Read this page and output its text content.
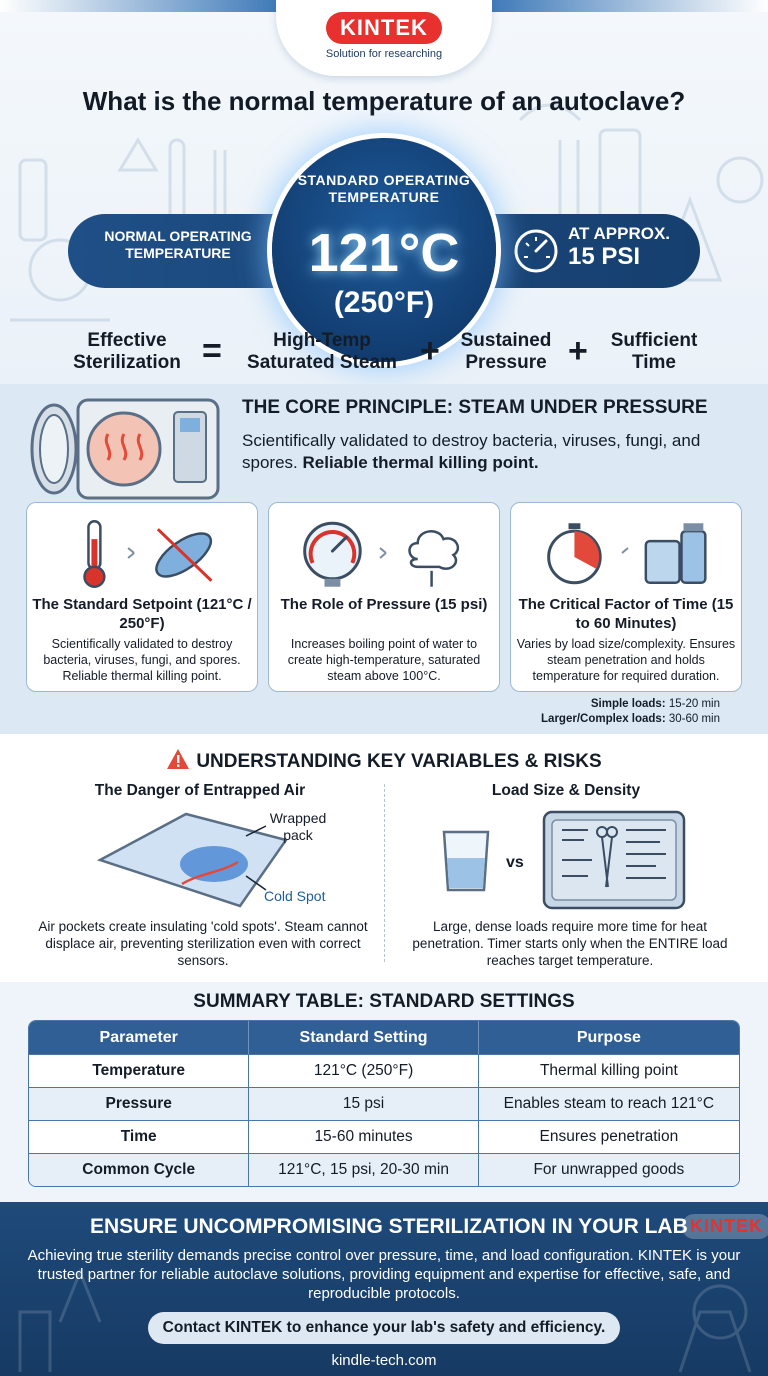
KINTEK
Solution for researching
What is the normal temperature of an autoclave?
NORMAL OPERATING TEMPERATURE
AT APPROX.
15 PSI
STANDARD OPERATING TEMPERATURE
121°C
(250°F)
Effective Sterilization =	High-Temp Saturated Steam +	Sustained Pressure +	Sufficient Time
THE CORE PRINCIPLE: STEAM UNDER PRESSURE
Scientifically validated to destroy bacteria, viruses, fungi, and spores. Reliable thermal killing point.
The Standard Setpoint (121°C / 250°F)
Scientifically validated to destroy bacteria, viruses, fungi, and spores. Reliable thermal killing point.
The Role of Pressure (15 psi)
Increases boiling point of water to create high-temperature, saturated steam above 100°C.
The Critical Factor of Time (15 to 60 Minutes)
Varies by load size/complexity. Ensures steam penetration and holds temperature for required duration.
Simple loads: 15-20 min
Larger/Complex loads: 30-60 min
UNDERSTANDING KEY VARIABLES & RISKS
The Danger of Entrapped Air
Wrapped pack
Cold Spot
Air pockets create insulating 'cold spots'. Steam cannot displace air, preventing sterilization even with correct sensors.
Load Size & Density
vs
Large, dense loads require more time for heat penetration. Timer starts only when the ENTIRE load reaches target temperature.
SUMMARY TABLE: STANDARD SETTINGS
Parameter	Standard Setting	Purpose
Temperature	121°C (250°F)	Thermal killing point
Pressure	15 psi	Enables steam to reach 121°C
Time	15-60 minutes	Ensures penetration
Common Cycle	121°C, 15 psi, 20-30 min	For unwrapped goods
ENSURE UNCOMPROMISING STERILIZATION IN YOUR LAB KINTEK
Achieving true sterility demands precise control over pressure, time, and load configuration. KINTEK is your trusted partner for reliable autoclave solutions, providing equipment and expertise for effective, safe, and reproducible protocols.
Contact KINTEK to enhance your lab's safety and efficiency.
kindle-tech.com
